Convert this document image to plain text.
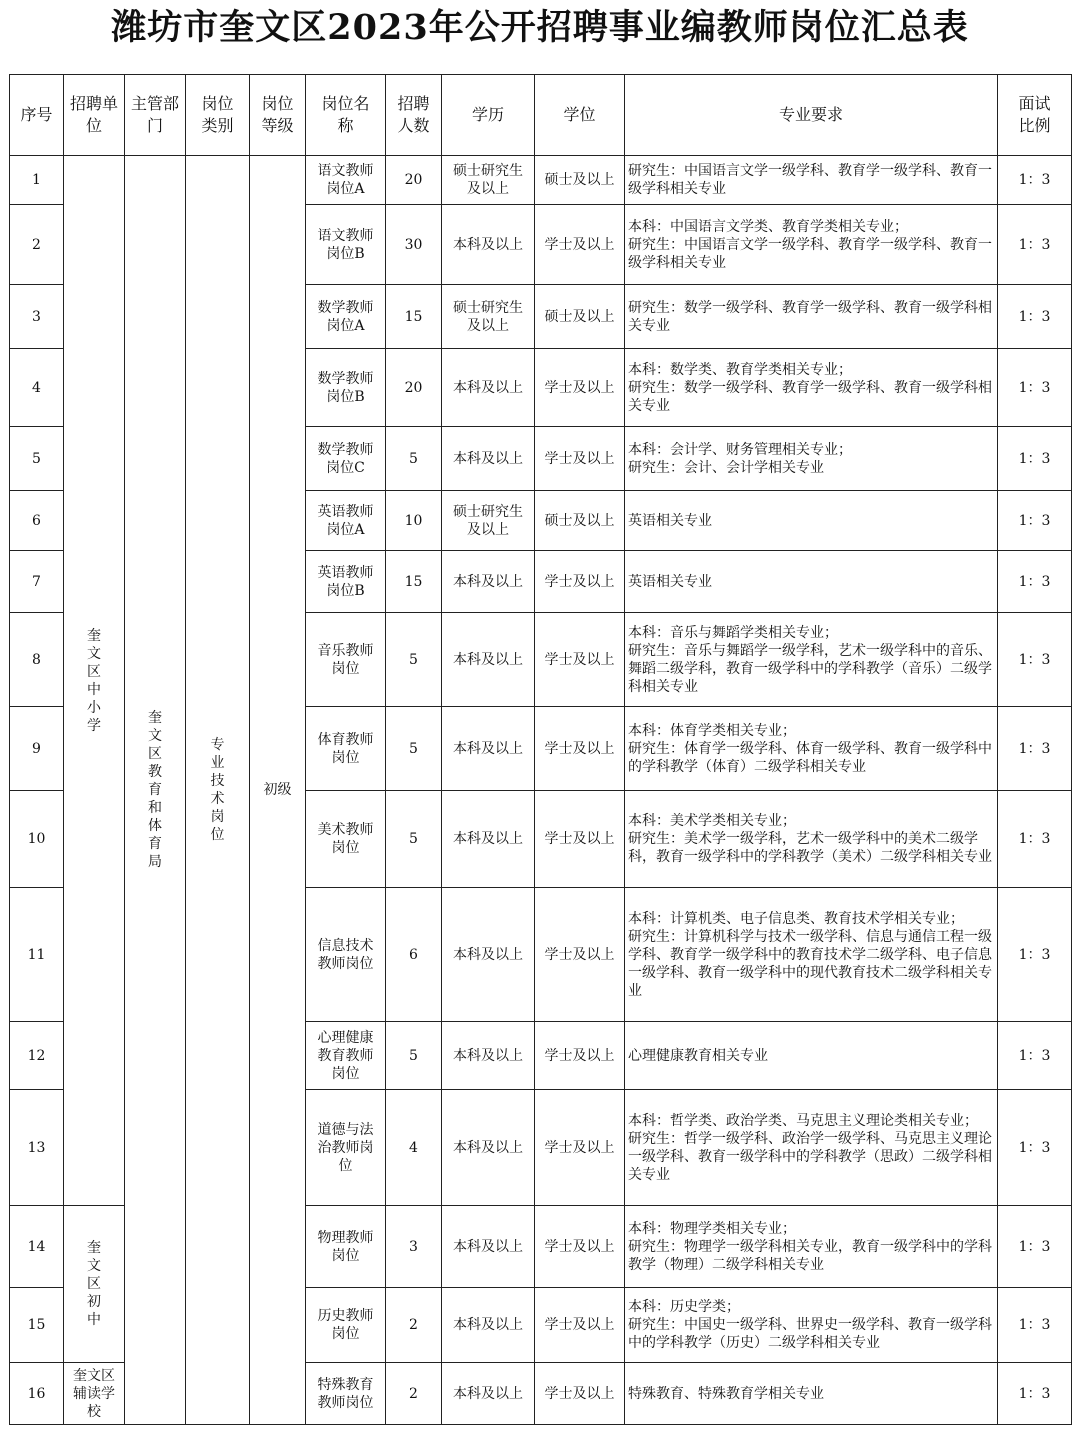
潍坊市奎文区2023年公开招聘事业编教师岗位汇总表
序号	招聘单位	主管部门	岗位类别	岗位等级	岗位名称	招聘人数	学历	学位	专业要求	面试比例
1	奎文区中小学	奎文区教育和体育局	专业技术岗位	初级	语文教师岗位A	20	硕士研究生及以上	硕士及以上	研究生：中国语言文学一级学科、教育学一级学科、教育一级学科相关专业	1：3
2					语文教师岗位B	30	本科及以上	学士及以上	本科：中国语言文学类、教育学类相关专业；
研究生：中国语言文学一级学科、教育学一级学科、教育一级学科相关专业	1：3
3					数学教师岗位A	15	硕士研究生及以上	硕士及以上	研究生：数学一级学科、教育学一级学科、教育一级学科相关专业	1：3
4					数学教师岗位B	20	本科及以上	学士及以上	本科：数学类、教育学类相关专业；
研究生：数学一级学科、教育学一级学科、教育一级学科相关专业	1：3
5					数学教师岗位C	5	本科及以上	学士及以上	本科：会计学、财务管理相关专业；
研究生：会计、会计学相关专业	1：3
6					英语教师岗位A	10	硕士研究生及以上	硕士及以上	英语相关专业	1：3
7					英语教师岗位B	15	本科及以上	学士及以上	英语相关专业	1：3
8					音乐教师岗位	5	本科及以上	学士及以上	本科：音乐与舞蹈学类相关专业；
研究生：音乐与舞蹈学一级学科，艺术一级学科中的音乐、舞蹈二级学科，教育一级学科中的学科教学（音乐）二级学科相关专业	1：3
9					体育教师岗位	5	本科及以上	学士及以上	本科：体育学类相关专业；
研究生：体育学一级学科、体育一级学科、教育一级学科中的学科教学（体育）二级学科相关专业	1：3
10					美术教师岗位	5	本科及以上	学士及以上	本科：美术学类相关专业；
研究生：美术学一级学科，艺术一级学科中的美术二级学科，教育一级学科中的学科教学（美术）二级学科相关专业	1：3
11					信息技术教师岗位	6	本科及以上	学士及以上	本科：计算机类、电子信息类、教育技术学相关专业；
研究生：计算机科学与技术一级学科、信息与通信工程一级学科、教育学一级学科中的教育技术学二级学科、电子信息一级学科、教育一级学科中的现代教育技术二级学科相关专业	1：3
12					心理健康教育教师岗位	5	本科及以上	学士及以上	心理健康教育相关专业	1：3
13					道德与法治教师岗位	4	本科及以上	学士及以上	本科：哲学类、政治学类、马克思主义理论类相关专业；
研究生：哲学一级学科、政治学一级学科、马克思主义理论一级学科、教育一级学科中的学科教学（思政）二级学科相关专业	1：3
14	奎文区初中				物理教师岗位	3	本科及以上	学士及以上	本科：物理学类相关专业；
研究生：物理学一级学科相关专业，教育一级学科中的学科教学（物理）二级学科相关专业	1：3
15					历史教师岗位	2	本科及以上	学士及以上	本科：历史学类；
研究生：中国史一级学科、世界史一级学科、教育一级学科中的学科教学（历史）二级学科相关专业	1：3
16	奎文区辅读学校				特殊教育教师岗位	2	本科及以上	学士及以上	特殊教育、特殊教育学相关专业	1：3
